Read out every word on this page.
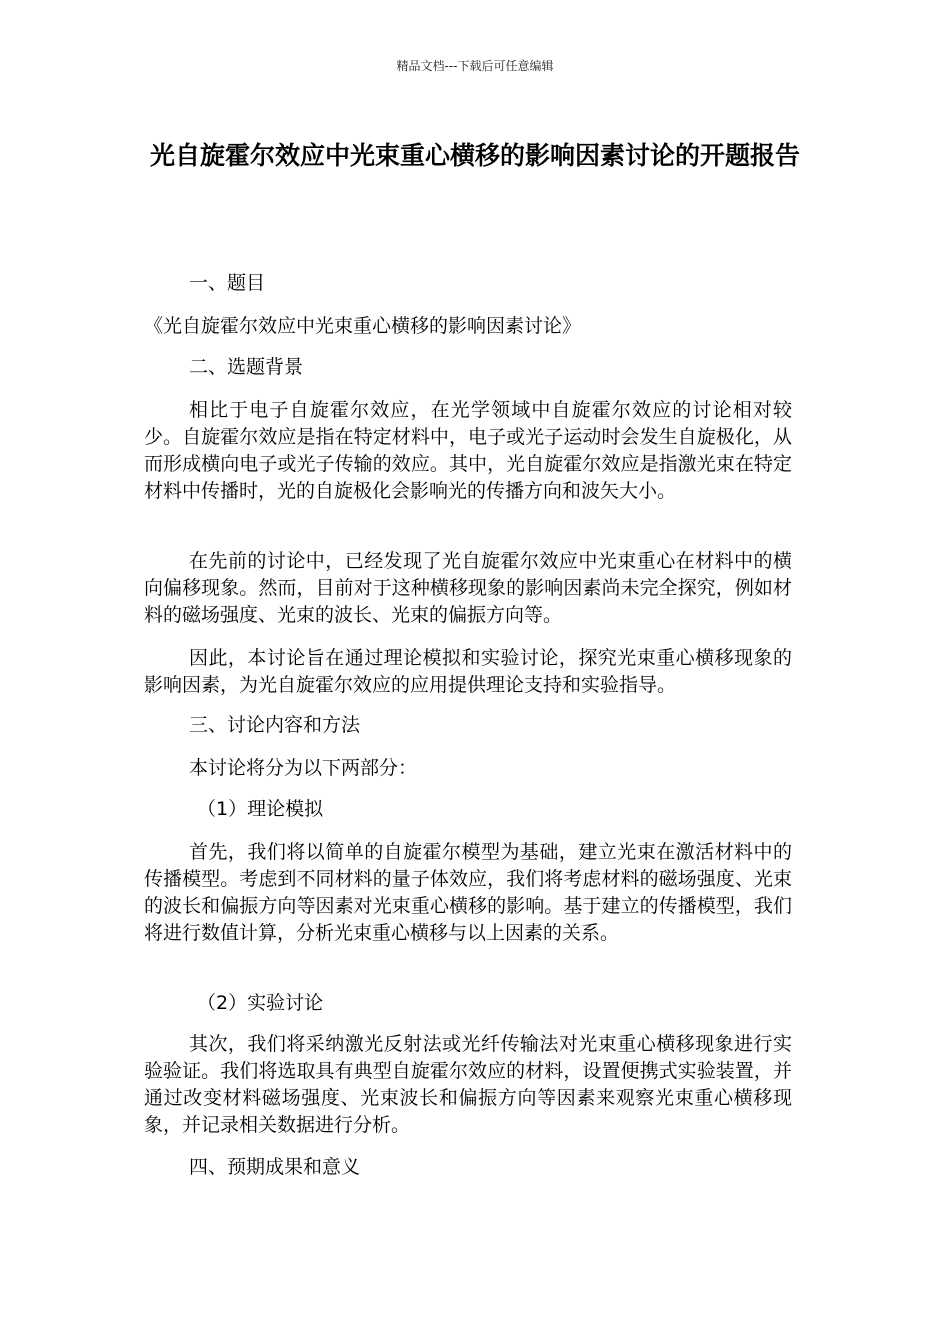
精品文档---下载后可任意编辑
光自旋霍尔效应中光束重心横移的影响因素讨论的开题报告

一、题目

《光自旋霍尔效应中光束重心横移的影响因素讨论》

二、选题背景

相比于电子自旋霍尔效应，在光学领域中自旋霍尔效应的讨论相对较少。自旋霍尔效应是指在特定材料中，电子或光子运动时会发生自旋极化，从而形成横向电子或光子传输的效应。其中，光自旋霍尔效应是指激光束在特定材料中传播时，光的自旋极化会影响光的传播方向和波矢大小。

在先前的讨论中，已经发现了光自旋霍尔效应中光束重心在材料中的横向偏移现象。然而，目前对于这种横移现象的影响因素尚未完全探究，例如材料的磁场强度、光束的波长、光束的偏振方向等。

因此，本讨论旨在通过理论模拟和实验讨论，探究光束重心横移现象的影响因素，为光自旋霍尔效应的应用提供理论支持和实验指导。

三、讨论内容和方法

本讨论将分为以下两部分：

（1）理论模拟

首先，我们将以简单的自旋霍尔模型为基础，建立光束在激活材料中的传播模型。考虑到不同材料的量子体效应，我们将考虑材料的磁场强度、光束的波长和偏振方向等因素对光束重心横移的影响。基于建立的传播模型，我们将进行数值计算，分析光束重心横移与以上因素的关系。

（2）实验讨论

其次，我们将采纳激光反射法或光纤传输法对光束重心横移现象进行实验验证。我们将选取具有典型自旋霍尔效应的材料，设置便携式实验装置，并通过改变材料磁场强度、光束波长和偏振方向等因素来观察光束重心横移现象，并记录相关数据进行分析。

四、预期成果和意义
